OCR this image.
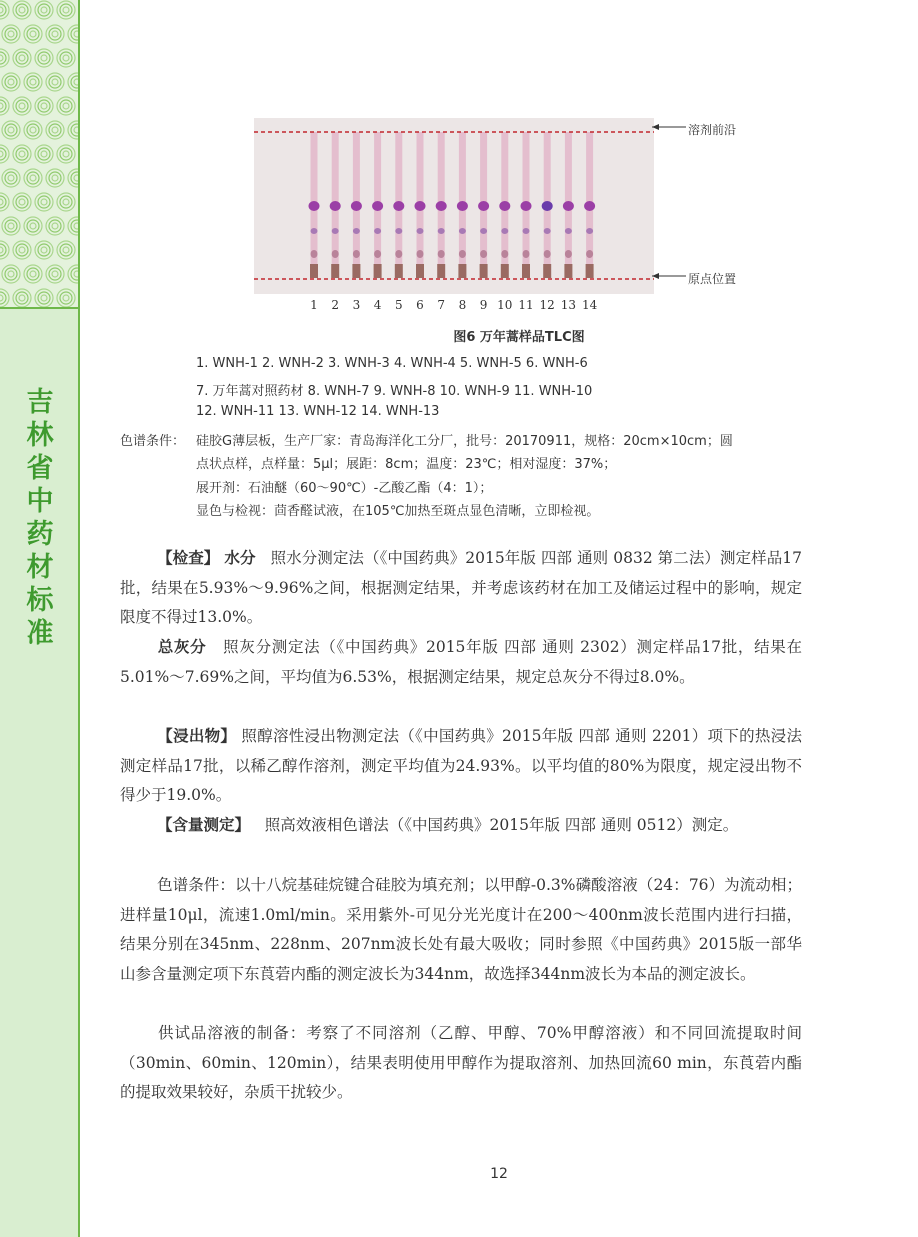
吉林省中药材标准
1	2	3	4	5	6	7	8	9 10 11 12 13 14
溶剂前沿
原点位置
图6 万年蒿样品TLC图
1. WNH-1 2. WNH-2 3. WNH-3 4. WNH-4 5. WNH-5 6. WNH-6
7. 万年蒿对照药材 8. WNH-7 9. WNH-8 10. WNH-9 11. WNH-10
12. WNH-11 13. WNH-12 14. WNH-13
色谱条件： 硅胶G薄层板，生产厂家：青岛海洋化工分厂，批号：20170911，规格：20cm×10cm；圆
点状点样，点样量：5μl；展距：8cm；温度：23℃；相对湿度：37%；
展开剂：石油醚（60～90℃）-乙酸乙酯（4：1）；
显色与检视：茴香醛试液，在105℃加热至斑点显色清晰，立即检视。
【检查】 水分 照水分测定法（《中国药典》2015年版 四部 通则 0832 第二法）测定样品17批，结果在5.93%～9.96%之间，根据测定结果，并考虑该药材在加工及储运过程中的影响，规定限度不得过13.0%。
总灰分 照灰分测定法（《中国药典》2015年版 四部 通则 2302）测定样品17批，结果在5.01%～7.69%之间，平均值为6.53%，根据测定结果，规定总灰分不得过8.0%。
【浸出物】 照醇溶性浸出物测定法（《中国药典》2015年版 四部 通则 2201）项下的热浸法测定样品17批，以稀乙醇作溶剂，测定平均值为24.93%。以平均值的80%为限度，规定浸出物不得少于19.0%。
【含量测定】 照高效液相色谱法（《中国药典》2015年版 四部 通则 0512）测定。
色谱条件：以十八烷基硅烷键合硅胶为填充剂；以甲醇-0.3%磷酸溶液（24：76）为流动相；进样量10μl，流速1.0ml/min。采用紫外-可见分光光度计在200～400nm波长范围内进行扫描，结果分别在345nm、228nm、207nm波长处有最大吸收；同时参照《中国药典》2015版一部华山参含量测定项下东莨菪内酯的测定波长为344nm，故选择344nm波长为本品的测定波长。
供试品溶液的制备：考察了不同溶剂（乙醇、甲醇、70%甲醇溶液）和不同回流提取时间（30min、60min、120min），结果表明使用甲醇作为提取溶剂、加热回流60 min，东莨菪内酯的提取效果较好，杂质干扰较少。
12
